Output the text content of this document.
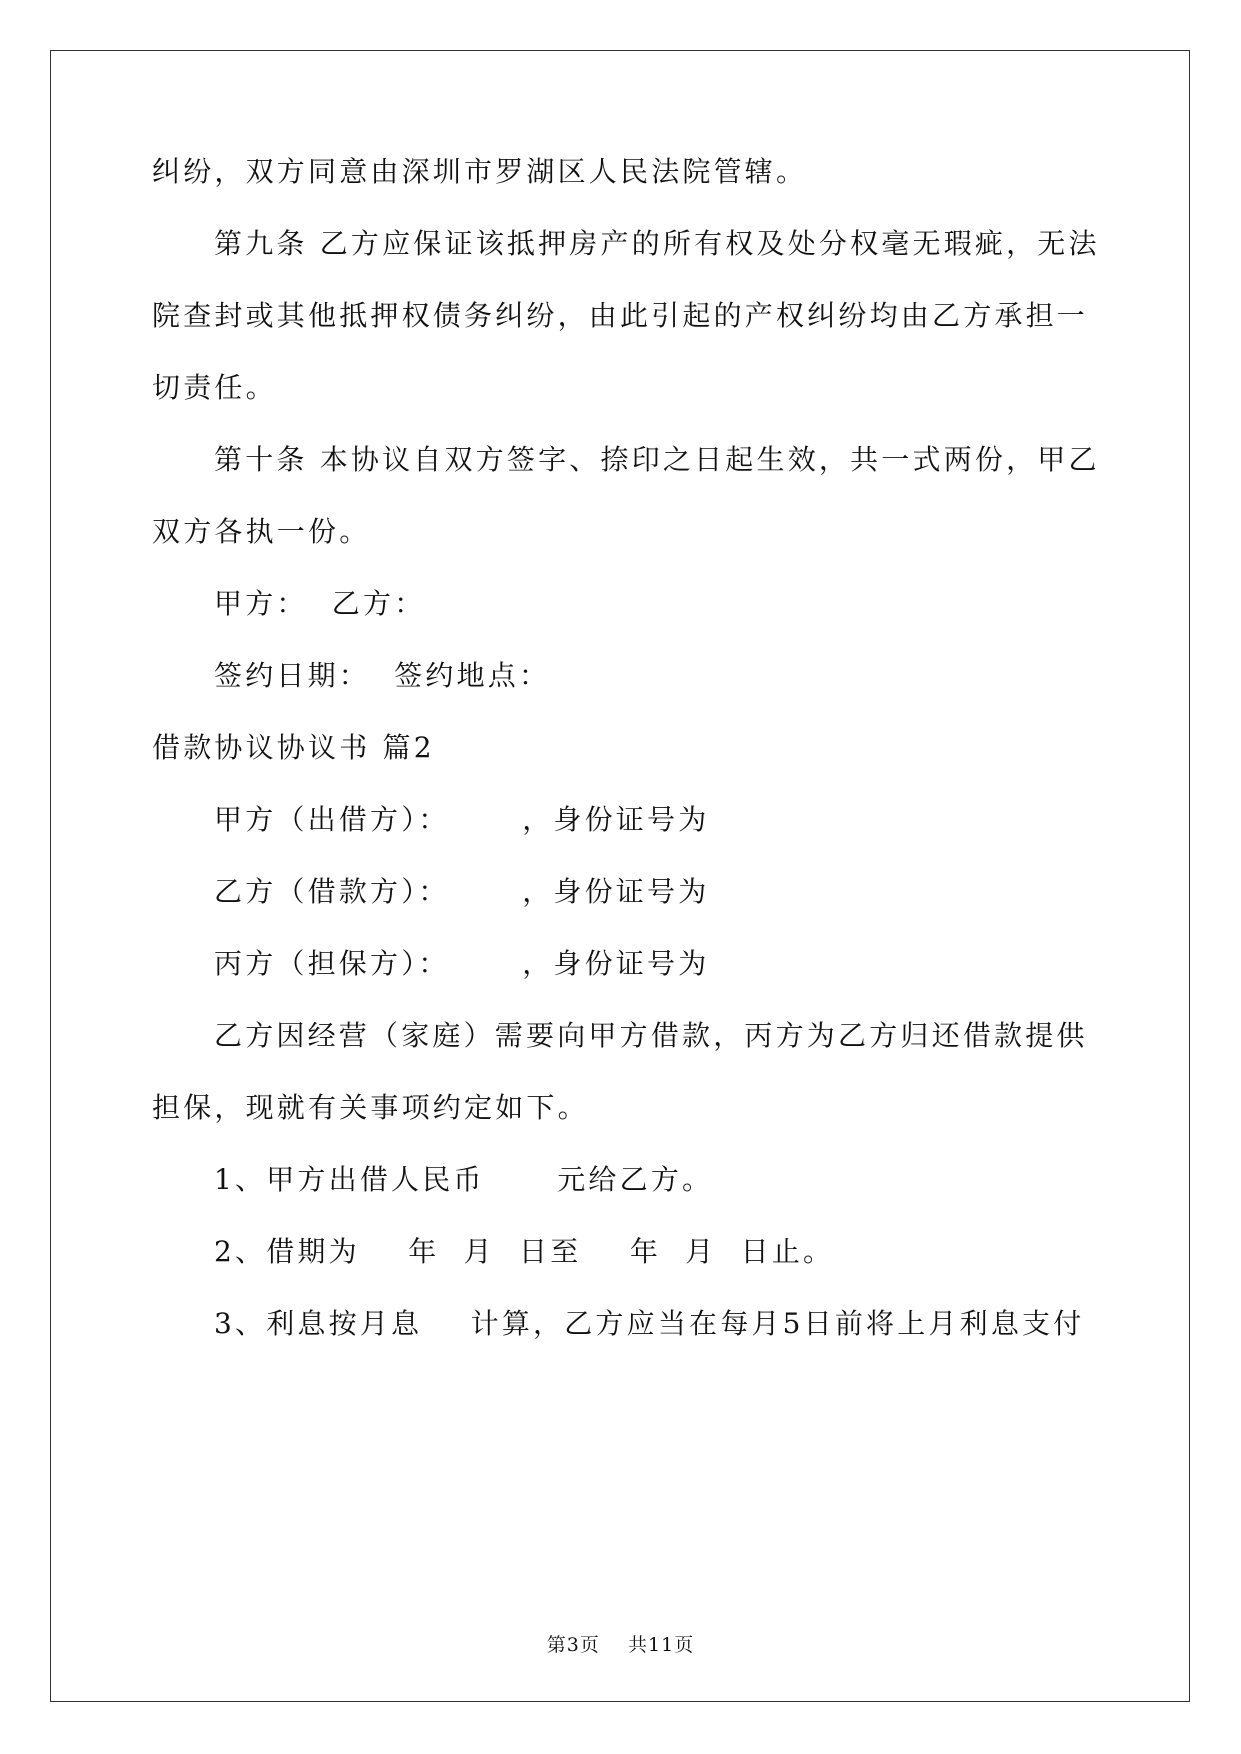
纠纷，双方同意由深圳市罗湖区人民法院管辖。
第九条 乙方应保证该抵押房产的所有权及处分权毫无瑕疵，无法
院查封或其他抵押权债务纠纷，由此引起的产权纠纷均由乙方承担一
切责任。
第十条 本协议自双方签字、捺印之日起生效，共一式两份，甲乙
双方各执一份。
甲方：  乙方：
签约日期：  签约地点：
借款协议协议书 篇2
甲方（出借方）：      ，身份证号为
乙方（借款方）：      ，身份证号为
丙方（担保方）：      ，身份证号为
乙方因经营（家庭）需要向甲方借款，丙方为乙方归还借款提供
担保，现就有关事项约定如下。
1、甲方出借人民币      元给乙方。
2、借期为    年  月  日至    年  月  日止。
3、利息按月息    计算，乙方应当在每月5日前将上月利息支付
第3页    共11页
